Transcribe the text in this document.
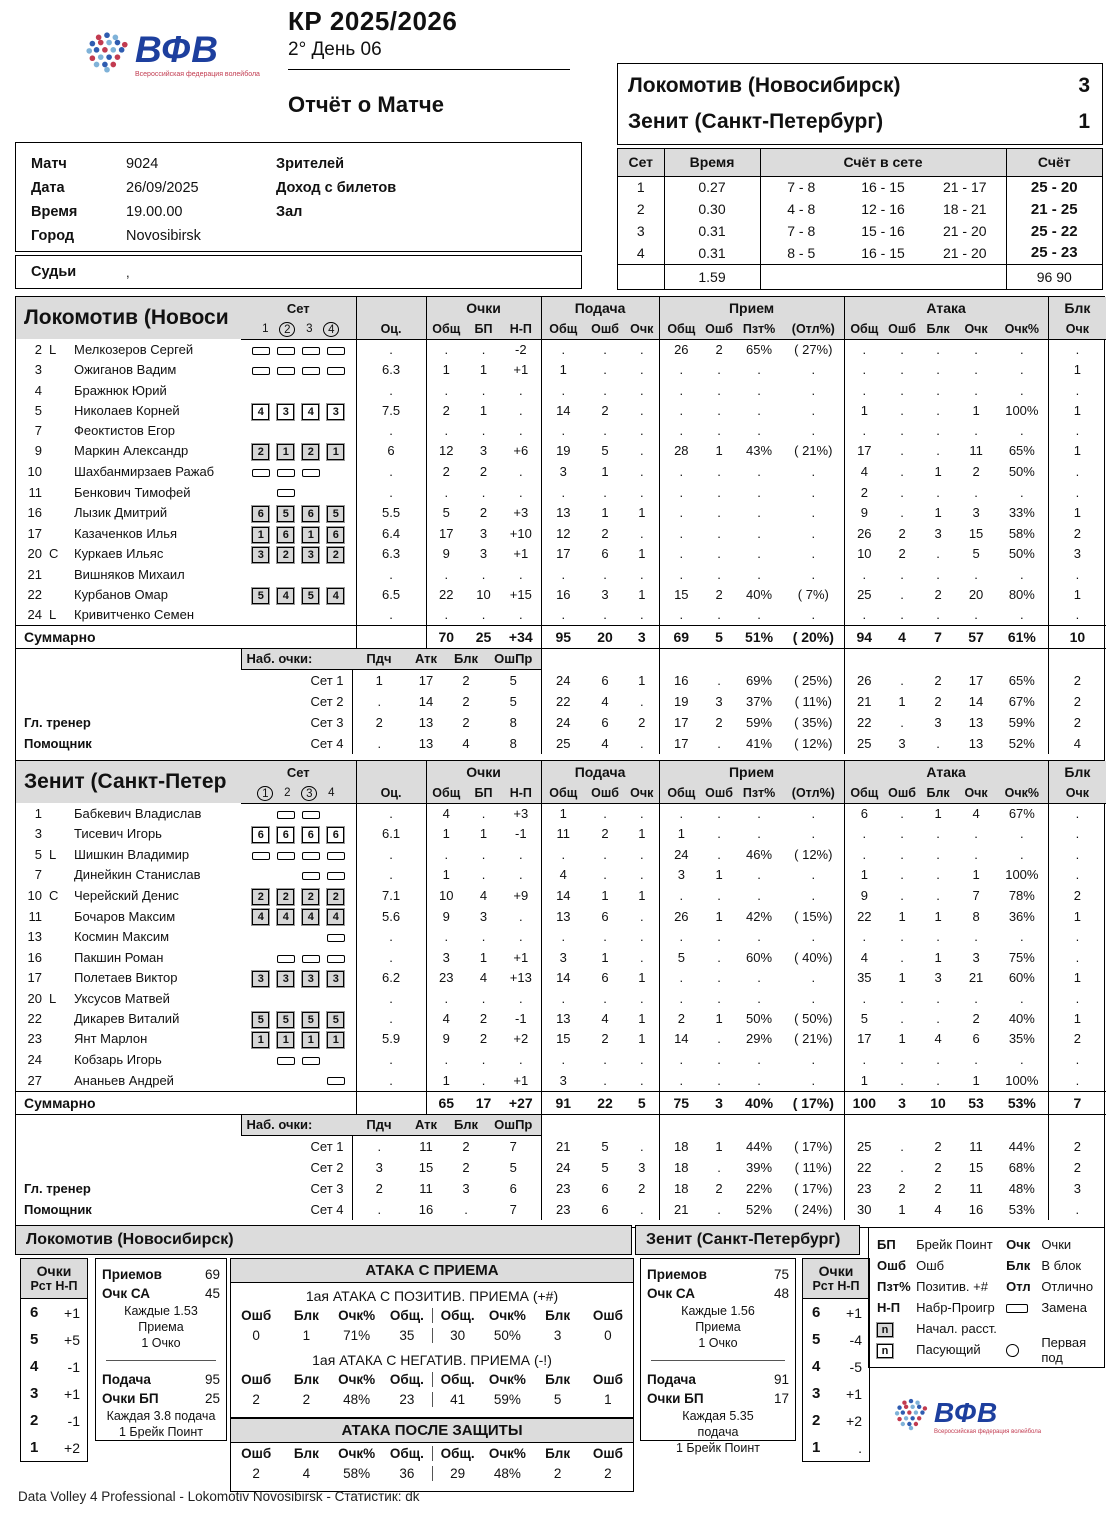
ВФВ
Всероссийская федерация волейбола
КР 2025/2026
2° День 06
Отчёт о Матче
Локомотив (Новосибирск)	3
Зенит (Санкт-Петербург)	1
Сет	Время	Счёт в сете			Счёт
1	0.27	7 - 8	16 - 15	21 - 17	25 - 20
2	0.30	4 - 8	12 - 16	18 - 21	21 - 25
3	0.31	7 - 8	15 - 16	21 - 20	25 - 22
4	0.31	8 - 5	16 - 15	21 - 20	25 - 23
	1.59				96 90
Матч	9024	Зрителей
Дата	26/09/2025	Доход с билетов
Время	19.00.00	Зал
Город	Novosibirsk
Судьи	,
Локомотив (Новоси			Сет		Очки			Подача			Прием				Атака					Блк
			1 2 3 4	Оц.	Общ	БП	Н-П	Общ	Ошб	Очк	Общ	Ошб	Пзт%	(Отл%)	Общ	Ошб	Блк	Очк	Очк%	Очк
2	L	Мелкозеров Сергей		.	.	.	-2	.	.	.	26	2	65%	( 27%)	.	.	.	.	.	.
3		Ожиганов Вадим		6.3	1	1	+1	1	.	.	.	.	.	.	.	.	.	.	.	1
4		Бражнюк Юрий		.	.	.	.	.	.	.	.	.	.	.	.	.	.	.	.	.
5		Николаев Корней	4 3 4 3	7.5	2	1	.	14	2	.	.	.	.	.	1	.	.	1	100%	1
7		Феоктистов Егор		.	.	.	.	.	.	.	.	.	.	.	.	.	.	.	.	.
9		Маркин Александр	2 1 2 1	6	12	3	+6	19	5	.	28	1	43%	( 21%)	17	.	.	11	65%	1
10		Шахбанмирзаев Ражаб		.	2	2	.	3	1	.	.	.	.	.	4	.	1	2	50%	.
11		Бенкович Тимофей		.	.	.	.	.	.	.	.	.	.	.	2	.	.	.	.	.
16		Лызик Дмитрий	6 5 6 5	5.5	5	2	+3	13	1	1	.	.	.	.	9	.	1	3	33%	1
17		Казаченков Илья	1 6 1 6	6.4	17	3	+10	12	2	.	.	.	.	.	26	2	3	15	58%	2
20	C	Куркаев Ильяс	3 2 3 2	6.3	9	3	+1	17	6	1	.	.	.	.	10	2	.	5	50%	3
21		Вишняков Михаил		.	.	.	.	.	.	.	.	.	.	.	.	.	.	.	.	.
22		Курбанов Омар	5 4 5 4	6.5	22	10	+15	16	3	1	15	2	40%	( 7%)	25	.	2	20	80%	1
24	L	Кривитченко Семен		.	.	.	.	.	.	.	.	.	.	.	.	.	.	.	.	.
Суммарно					70	25	+34	95	20	3	69	5	51%	( 20%)	94	4	7	57	61%	10
	Наб. очки:	Пдч	Атк	Блк	ОшПр													
	Сет 1	1	17	2	5	24	6	1	16	.	69%	( 25%)	26	.	2	17	65%	2
	Сет 2	.	14	2	5	22	4	.	19	3	37%	( 11%)	21	1	2	14	67%	2
Гл. тренер	Сет 3	2	13	2	8	24	6	2	17	2	59%	( 35%)	22	.	3	13	59%	2
Помощник	Сет 4	.	13	4	8	25	4	.	17	.	41%	( 12%)	25	3	.	13	52%	4
Зенит (Санкт-Петер			Сет		Очки			Подача			Прием				Атака					Блк
			1 2 3 4	Оц.	Общ	БП	Н-П	Общ	Ошб	Очк	Общ	Ошб	Пзт%	(Отл%)	Общ	Ошб	Блк	Очк	Очк%	Очк
1		Бабкевич Владислав		.	4	.	+3	1	.	.	.	.	.	.	6	.	1	4	67%	.
3		Тисевич Игорь	6 6 6 6	6.1	1	1	-1	11	2	1	1	.	.	.	.	.	.	.	.	.
5	L	Шишкин Владимир		.	.	.	.	.	.	.	24	.	46%	( 12%)	.	.	.	.	.	.
7		Динейкин Станислав		.	1	.	.	4	.	.	3	1	.	.	1	.	.	1	100%	.
10	C	Черейский Денис	2 2 2 2	7.1	10	4	+9	14	1	1	.	.	.	.	9	.	.	7	78%	2
11		Бочаров Максим	4 4 4 4	5.6	9	3	.	13	6	.	26	1	42%	( 15%)	22	1	1	8	36%	1
13		Космин Максим		.	.	.	.	.	.	.	.	.	.	.	.	.	.	.	.	.
16		Пакшин Роман		.	3	1	+1	3	1	.	5	.	60%	( 40%)	4	.	1	3	75%	.
17		Полетаев Виктор	3 3 3 3	6.2	23	4	+13	14	6	1	.	.	.	.	35	1	3	21	60%	1
20	L	Уксусов Матвей		.	.	.	.	.	.	.	.	.	.	.	.	.	.	.	.	.
22		Дикарев Виталий	5 5 5 5	.	4	2	-1	13	4	1	2	1	50%	( 50%)	5	.	.	2	40%	1
23		Янт Марлон	1 1 1 1	5.9	9	2	+2	15	2	1	14	.	29%	( 21%)	17	1	4	6	35%	2
24		Кобзарь Игорь		.	.	.	.	.	.	.	.	.	.	.	.	.	.	.	.	.
27		Ананьев Андрей		.	1	.	+1	3	.	.	.	.	.	.	1	.	.	1	100%	.
Суммарно					65	17	+27	91	22	5	75	3	40%	( 17%)	100	3	10	53	53%	7
	Наб. очки:	Пдч	Атк	Блк	ОшПр													
	Сет 1	.	11	2	7	21	5	.	18	1	44%	( 17%)	25	.	2	11	44%	2
	Сет 2	3	15	2	5	24	5	3	18	.	39%	( 11%)	22	.	2	15	68%	2
Гл. тренер	Сет 3	2	11	3	6	23	6	2	18	2	22%	( 17%)	23	2	2	11	48%	3
Помощник	Сет 4	.	16	.	7	23	6	.	21	.	52%	( 24%)	30	1	4	16	53%	.
Локомотив (Новосибирск)	Зенит (Санкт-Петербург)
Очки
Рст Н-П
6 +1
5 +5
4 -1
3 +1
2 -1
1 +2
Приемов	69
Очк СА	45
Каждые 1.53
Приема
1 Очко
Подача	95
Очки БП	25
Каждая 3.8 подача
1 Брейк Поинт
АТАКА С ПРИЕМА
1ая АТАКА С ПОЗИТИВ. ПРИЕМА (+#)
Ошб Блк Очк% Общ. Общ. Очк% Блк Ошб
0	1 71% 35	30 50% 3	0
1ая АТАКА С НЕГАТИВ. ПРИЕМА (-!)
Ошб Блк Очк% Общ. Общ. Очк% Блк Ошб
2	2 48% 23	41 59% 5	1
АТАКА ПОСЛЕ ЗАЩИТЫ
Ошб Блк Очк% Общ. Общ. Очк% Блк Ошб
2	4 58% 36	29 48% 2	2
Приемов	75
Очк СА	48
Каждые 1.56
Приема
1 Очко
Подача	91
Очки БП	17
Каждая 5.35
подача
1 Брейк Поинт
Очки
Рст Н-П
6 +1
5 -4
4 -5
3 +1
2 +2
1	.
БП	Брейк Поинт	Очк Очки
Ошб Ошб	Блк В блок
Пзт% Позитив. +#	Отл Отлично
Н-П	Набр-Проигр	Замена
n	Начал. расст.
n	Пасующий	Первая под
ВФВ
Всероссийская федерация волейбола
Data Volley 4 Professional - Lokomotiv Novosibirsk - Статистик: dk
